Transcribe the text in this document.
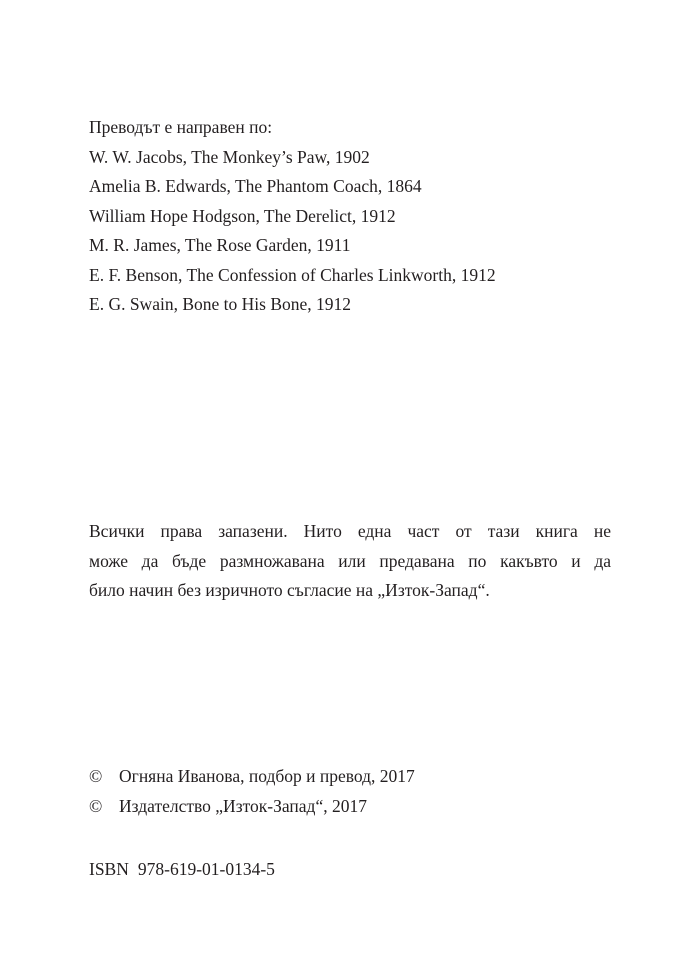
Преводът е направен по:
W. W. Jacobs, The Monkey’s Paw, 1902
Amelia B. Edwards, The Phantom Coach, 1864
William Hope Hodgson, The Derelict, 1912
M. R. James, The Rose Garden, 1911
E. F. Benson, The Confession of Charles Linkworth, 1912
E. G. Swain, Bone to His Bone, 1912
Всички права запазени. Нито една част от тази книга не
може да бъде размножавана или предавана по какъвто и да
било начин без изричното съгласие на „Изток-Запад“.
© Огняна Иванова, подбор и превод, 2017
© Издателство „Изток-Запад“, 2017
ISBN 978-619-01-0134-5
